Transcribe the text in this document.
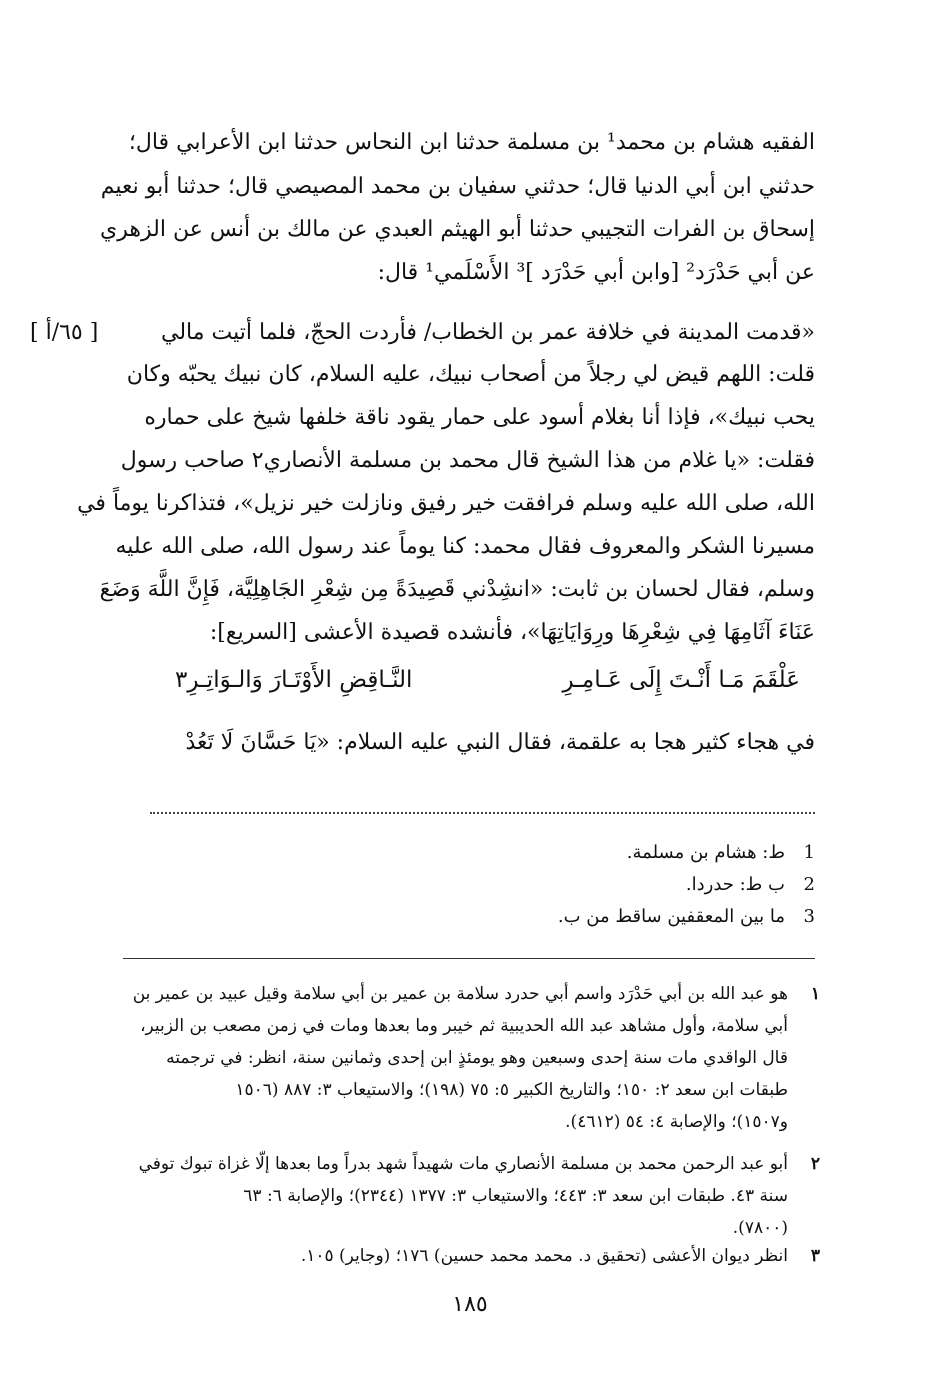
الفقيه هشام بن محمد¹ بن مسلمة حدثنا ابن النحاس حدثنا ابن الأعرابي قال؛
حدثني ابن أبي الدنيا قال؛ حدثني سفيان بن محمد المصيصي قال؛ حدثنا أبو نعيم
إسحاق بن الفرات التجيبي حدثنا أبو الهيثم العبدي عن مالك بن أنس عن الزهري
عن أبي حَدْرَد² [وابن أبي حَدْرَد ]³ الأَسْلَمي¹ قال:
[ ٦٥/أ ]	«قدمت المدينة في خلافة عمر بن الخطاب/ فأردت الحجّ، فلما أتيت مالي
قلت: اللهم قيض لي رجلاً من أصحاب نبيك، عليه السلام، كان نبيك يحبّه وكان
يحب نبيك»، فإذا أنا بغلام أسود على حمار يقود ناقة خلفها شيخ على حماره
فقلت: «يا غلام من هذا الشيخ قال محمد بن مسلمة الأنصاري٢ صاحب رسول
الله، صلى الله عليه وسلم فرافقت خير رفيق ونازلت خير نزيل»، فتذاكرنا يوماً في
مسيرنا الشكر والمعروف فقال محمد: كنا يوماً عند رسول الله، صلى الله عليه
وسلم، فقال لحسان بن ثابت: «انشِدْني قَصِيدَةً مِن شِعْرِ الجَاهِلِيَّة، فَإِنَّ اللَّهَ وَضَعَ
عَنَاءَ آثَامِهَا فِي شِعْرِهَا ورِوَايَاتِهَا»، فأنشده قصيدة الأعشى [السريع]:
عَلْقَمَ مَـا أَنْـتَ إِلَى عَـامِـرِ
النَّـاقِضِ الأَوْتَـارَ وَالـوَاتِـرِ٣
في هجاء كثير هجا به علقمة، فقال النبي عليه السلام: «يَا حَسَّانَ لَا تَعُدْ
1ط: هشام بن مسلمة.
2ب ط: حدردا.
3ما بين المعقفين ساقط من ب.
١هو عبد الله بن أبي حَدْرَد واسم أبي حدرد سلامة بن عمير بن أبي سلامة وقيل عبيد بن عمير بن
أبي سلامة، وأول مشاهد عبد الله الحديبية ثم خيبر وما بعدها ومات في زمن مصعب بن الزبير،
قال الواقدي مات سنة إحدى وسبعين وهو يومئذٍ ابن إحدى وثمانين سنة، انظر: في ترجمته
طبقات ابن سعد ٢: ١٥٠؛ والتاريخ الكبير ٥: ٧٥ (١٩٨)؛ والاستيعاب ٣: ٨٨٧ (١٥٠٦
و١٥٠٧)؛ والإصابة ٤: ٥٤ (٤٦١٢).
٢أبو عبد الرحمن محمد بن مسلمة الأنصاري مات شهيداً شهد بدراً وما بعدها إلّا غزاة تبوك توفي
سنة ٤٣. طبقات ابن سعد ٣: ٤٤٣؛ والاستيعاب ٣: ١٣٧٧ (٢٣٤٤)؛ والإصابة ٦: ٦٣
(٧٨٠٠).
٣انظر ديوان الأعشى (تحقيق د. محمد محمد حسين) ١٧٦؛ (وجاير) ١٠٥.
١٨٥
